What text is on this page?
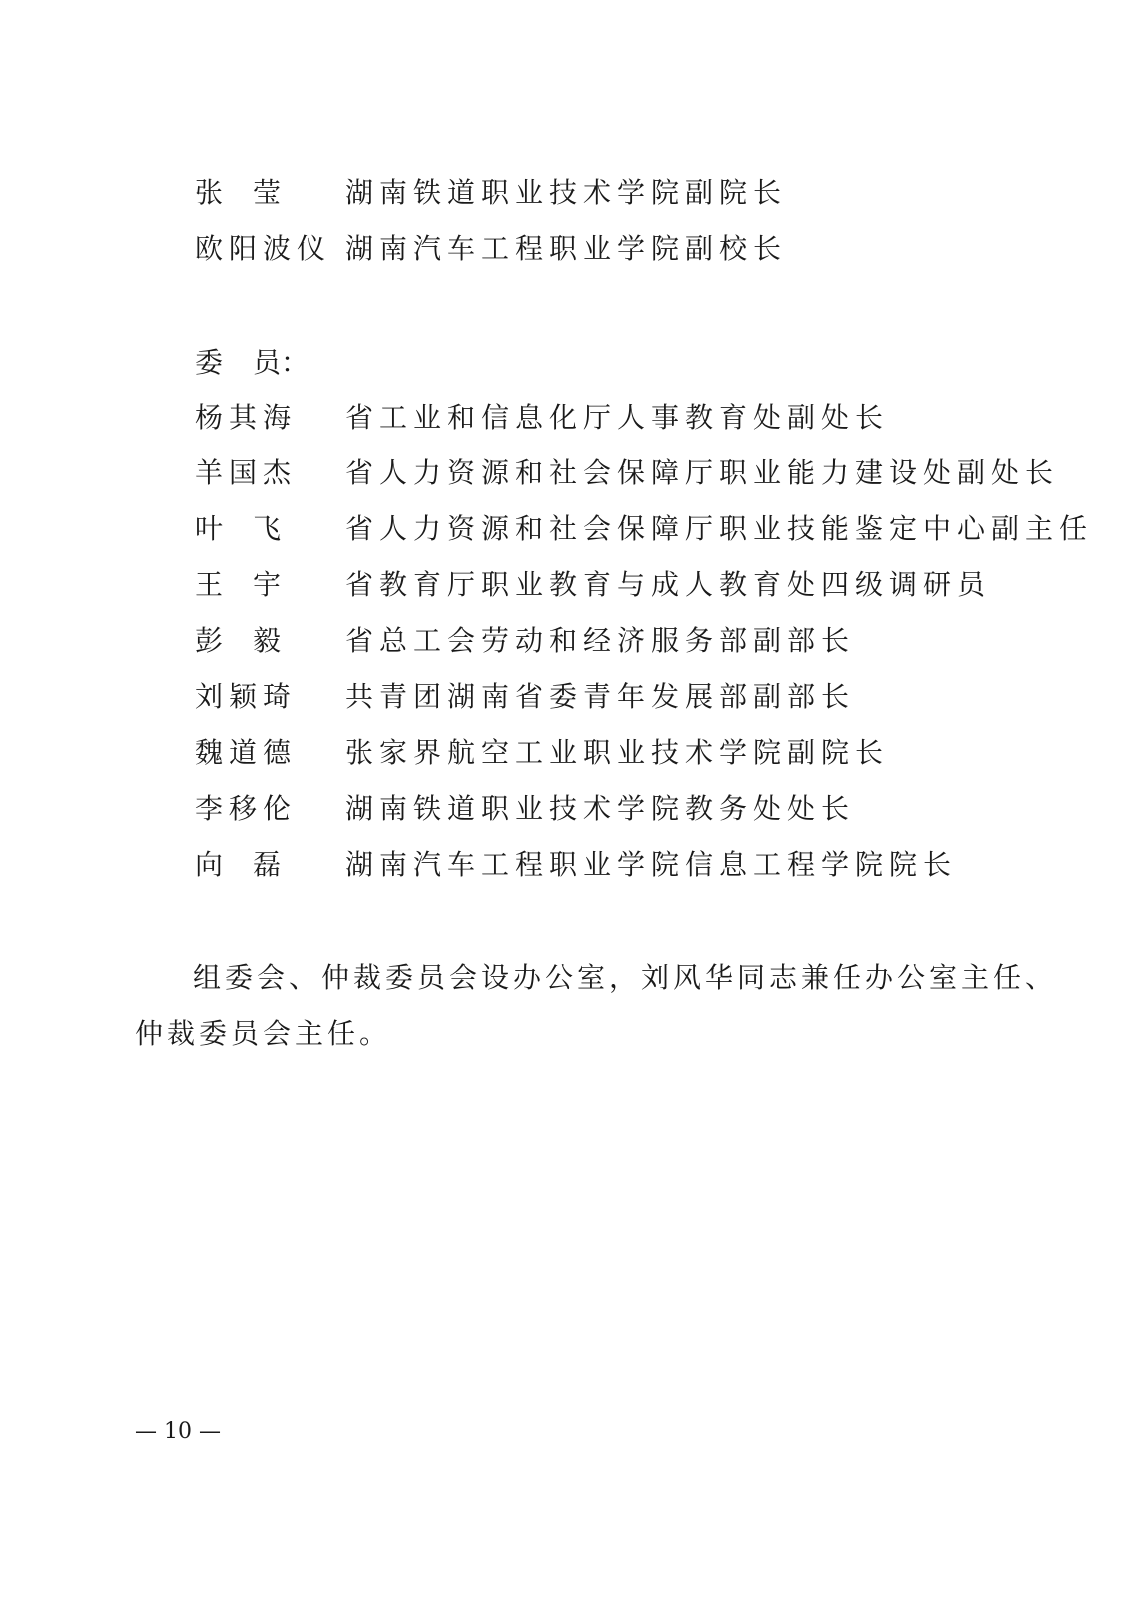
张 莹 湖南铁道职业技术学院副院长
欧阳波仪 湖南汽车工程职业学院副校长
委 员 ：
杨其海	省工业和信息化厅人事教育处副处长
羊国杰	省人力资源和社会保障厅职业能力建设处副处长
叶 飞 省人力资源和社会保障厅职业技能鉴定中心副主任
王 宇 省教育厅职业教育与成人教育处四级调研员
彭 毅 省总工会劳动和经济服务部副部长
刘颖琦	共青团湖南省委青年发展部副部长
魏道德	张家界航空工业职业技术学院副院长
李移伦	湖南铁道职业技术学院教务处处长
向 磊 湖南汽车工程职业学院信息工程学院院长
组委会、仲裁委员会设办公室，刘风华同志兼任办公室主任、
仲裁委员会主任。
— 10 —
